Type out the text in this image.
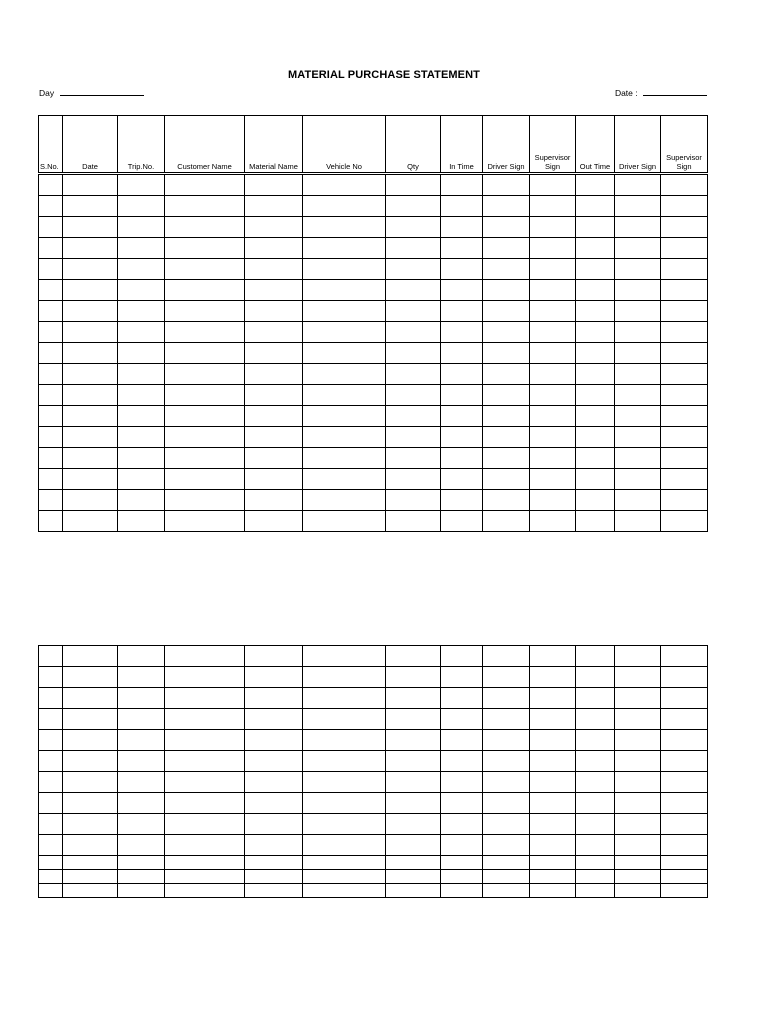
MATERIAL PURCHASE STATEMENT
Day	Date :
S.No.	Date	Trip.No.	Customer Name	Material Name	Vehicle No	Qty	In Time	Driver Sign	Supervisor Sign	Out Time	Driver Sign	Supervisor Sign
